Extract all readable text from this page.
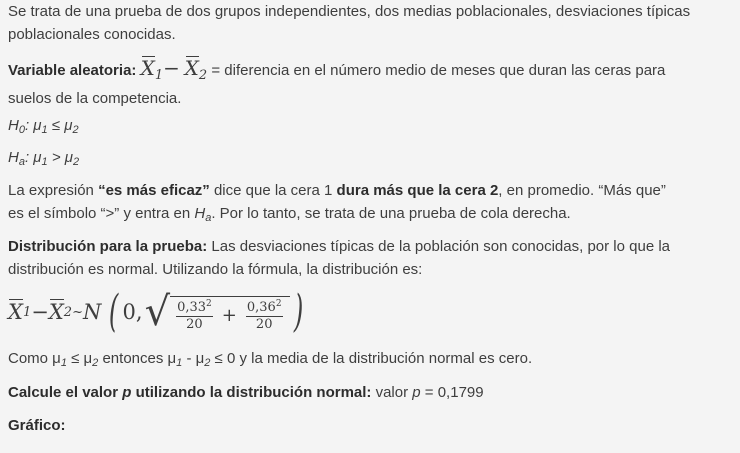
Se trata de una prueba de dos grupos independientes, dos medias poblacionales, desviaciones típicas poblacionales conocidas.

Variable aleatoria: X1− X2 = diferencia en el número medio de meses que duran las ceras para
suelos de la competencia.

$H_0$: $\mu_1 \le \mu_2$

$H_a$: $\mu_1 > \mu_2$

La expresión “es más eficaz” dice que la cera 1 dura más que la cera 2, en promedio. “Más que”
es el símbolo “>” y entra en $H_a$. Por lo tanto, se trata de una prueba de cola derecha.

Distribución para la prueba: Las desviaciones típicas de la población son conocidas, por lo que la
distribución es normal. Utilizando la fórmula, la distribución es:

X 1 − X 2 ~ N ( 0, √ $\frac{0,33^2}{20} + \frac{0,36^2}{20}$ )

Como $\mu_1 \le \mu_2$ entonces $\mu_1 - \mu_2 \le 0$ y la media de la distribución normal es cero.

Calcule el valor p utilizando la distribución normal: valor p = 0,1799

Gráfico:
